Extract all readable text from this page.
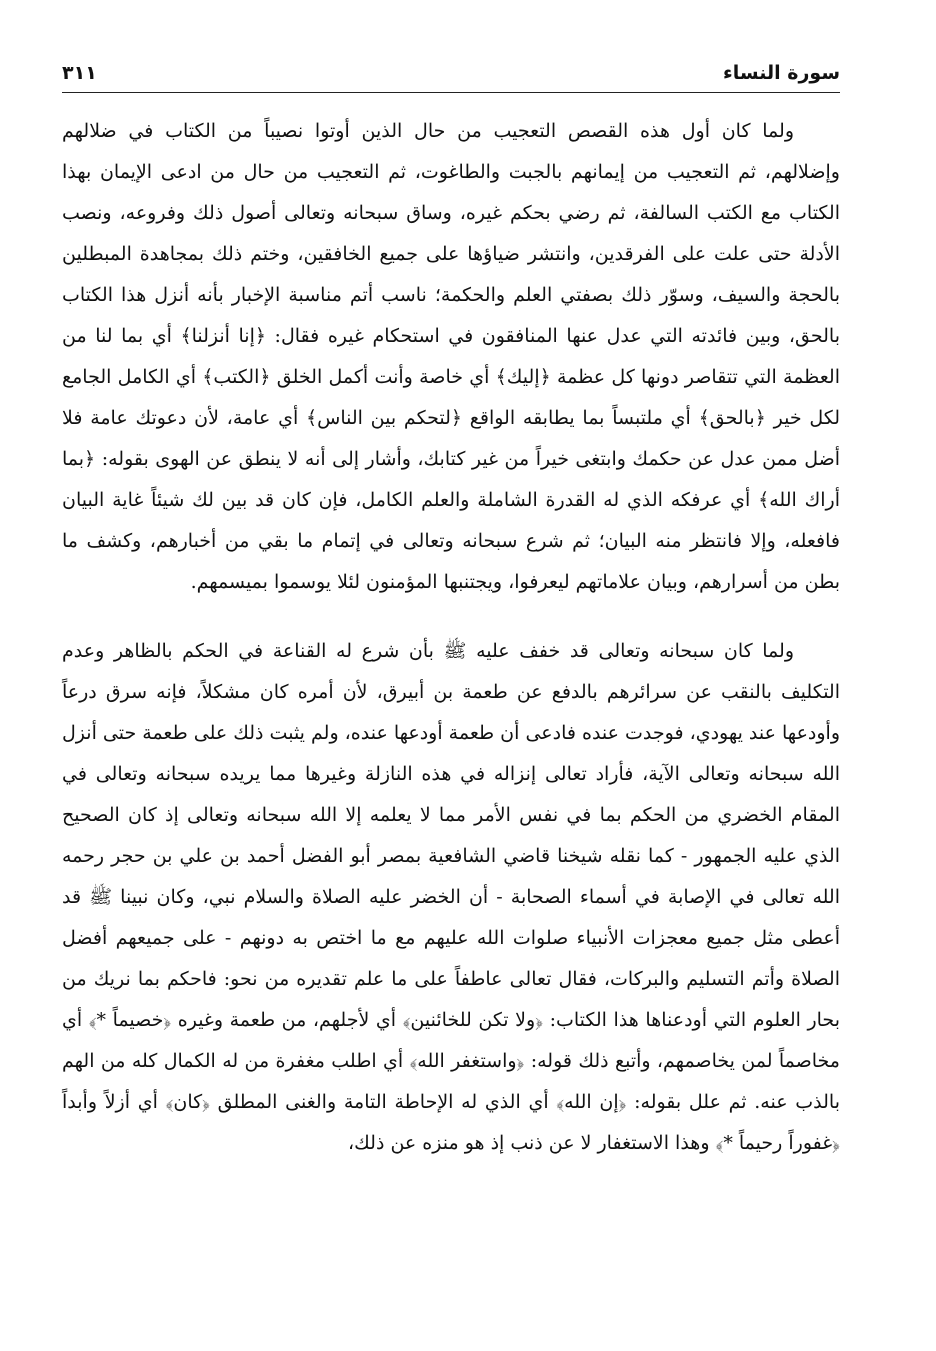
سورة النساء
٣١١

ولما كان أول هذه القصص التعجيب من حال الذين أوتوا نصيباً من الكتاب في ضلالهم وإضلالهم، ثم التعجيب من إيمانهم بالجبت والطاغوت، ثم التعجيب من حال من ادعى الإيمان بهذا الكتاب مع الكتب السالفة، ثم رضي بحكم غيره، وساق سبحانه وتعالى أصول ذلك وفروعه، ونصب الأدلة حتى علت على الفرقدين، وانتشر ضياؤها على جميع الخافقين، وختم ذلك بمجاهدة المبطلين بالحجة والسيف، وسوّر ذلك بصفتي العلم والحكمة؛ ناسب أتم مناسبة الإخبار بأنه أنزل هذا الكتاب بالحق، وبين فائدته التي عدل عنها المنافقون في استحكام غيره فقال: ﴿إنا أنزلنا﴾ أي بما لنا من العظمة التي تتقاصر دونها كل عظمة ﴿إليك﴾ أي خاصة وأنت أكمل الخلق ﴿الكتب﴾ أي الكامل الجامع لكل خير ﴿بالحق﴾ أي ملتبساً بما يطابقه الواقع ﴿لتحكم بين الناس﴾ أي عامة، لأن دعوتك عامة فلا أضل ممن عدل عن حكمك وابتغى خيراً من غير كتابك، وأشار إلى أنه لا ينطق عن الهوى بقوله: ﴿بما أراك الله﴾ أي عرفكه الذي له القدرة الشاملة والعلم الكامل، فإن كان قد بين لك شيئاً غاية البيان فافعله، وإلا فانتظر منه البيان؛ ثم شرع سبحانه وتعالى في إتمام ما بقي من أخبارهم، وكشف ما بطن من أسرارهم، وبيان علاماتهم ليعرفوا، ويجتنبها المؤمنون لئلا يوسموا بميسمهم.

ولما كان سبحانه وتعالى قد خفف عليه ﷺ بأن شرع له القناعة في الحكم بالظاهر وعدم التكليف بالنقب عن سرائرهم بالدفع عن طعمة بن أبيرق، لأن أمره كان مشكلاً، فإنه سرق درعاً وأودعها عند يهودي، فوجدت عنده فادعى أن طعمة أودعها عنده، ولم يثبت ذلك على طعمة حتى أنزل الله سبحانه وتعالى الآية، فأراد تعالى إنزاله في هذه النازلة وغيرها مما يريده سبحانه وتعالى في المقام الخضري من الحكم بما في نفس الأمر مما لا يعلمه إلا الله سبحانه وتعالى إذ كان الصحيح الذي عليه الجمهور - كما نقله شيخنا قاضي الشافعية بمصر أبو الفضل أحمد بن علي بن حجر رحمه الله تعالى في الإصابة في أسماء الصحابة - أن الخضر عليه الصلاة والسلام نبي، وكان نبينا ﷺ قد أعطى مثل جميع معجزات الأنبياء صلوات الله عليهم مع ما اختص به دونهم - على جميعهم أفضل الصلاة وأتم التسليم والبركات، فقال تعالى عاطفاً على ما علم تقديره من نحو: فاحكم بما نريك من بحار العلوم التي أودعناها هذا الكتاب: ﴿ولا تكن للخائنين﴾ أي لأجلهم، من طعمة وغيره ﴿خصيماً *﴾ أي مخاصماً لمن يخاصمهم، وأتبع ذلك قوله: ﴿واستغفر الله﴾ أي اطلب مغفرة من له الكمال كله من الهم بالذب عنه. ثم علل بقوله: ﴿إن الله﴾ أي الذي له الإحاطة التامة والغنى المطلق ﴿كان﴾ أي أزلاً وأبداً ﴿غفوراً رحيماً *﴾ وهذا الاستغفار لا عن ذنب إذ هو منزه عن ذلك،
